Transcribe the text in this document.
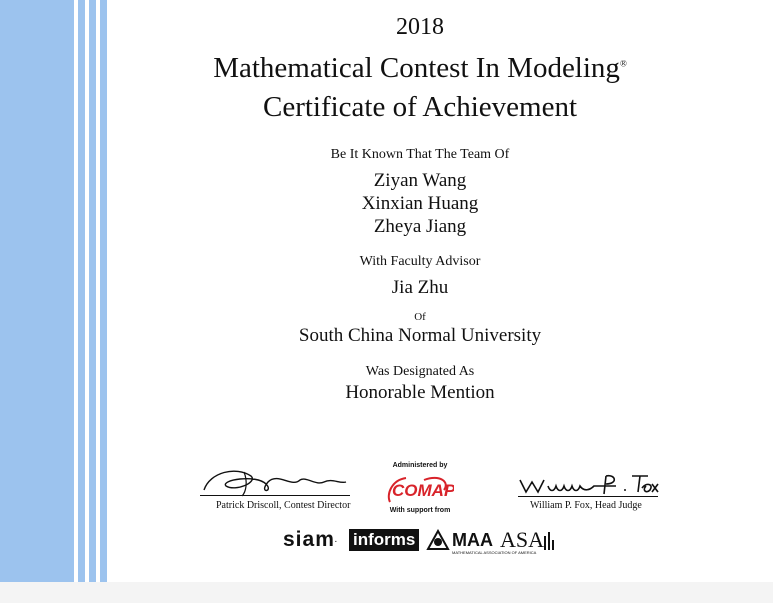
2018
Mathematical Contest In Modeling®
Certificate of Achievement
Be It Known That The Team Of
Ziyan Wang
Xinxian Huang
Zheya Jiang
With Faculty Advisor
Jia Zhu
Of
South China Normal University
Was Designated As
Honorable Mention
Patrick Driscoll, Contest Director	William P. Fox, Head Judge
Administered by
COMAP
With support from
siam . informs MAA
MATHEMATICAL ASSOCIATION OF AMERICA
ASA
